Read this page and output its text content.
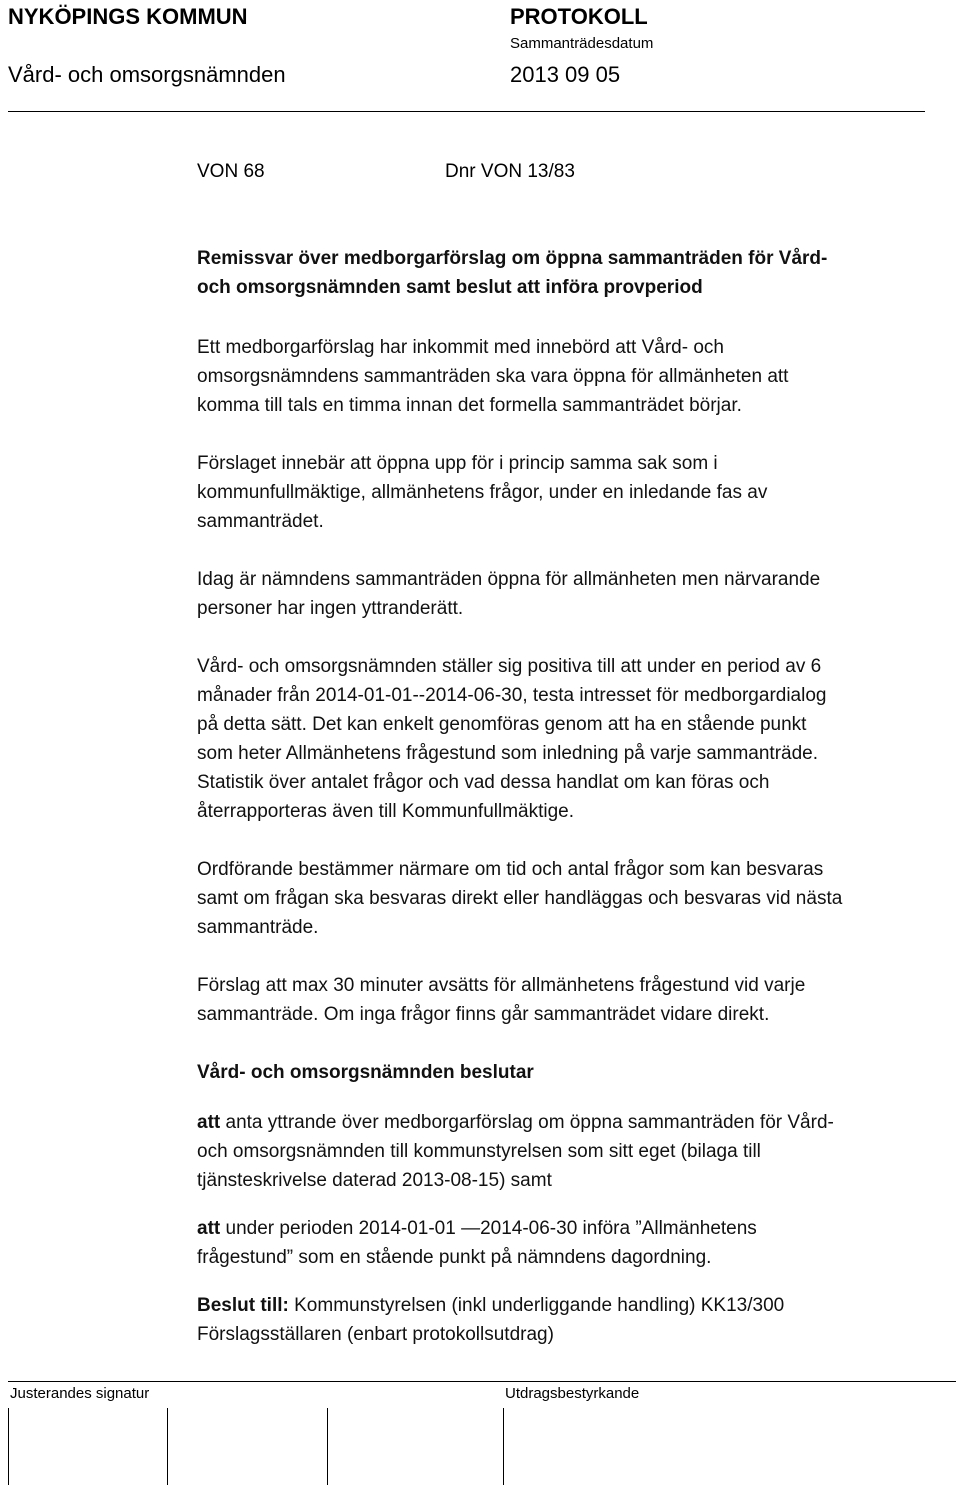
NYKÖPINGS KOMMUN	PROTOKOLL
Sammanträdesdatum
Vård- och omsorgsnämnden	2013 09 05
VON 68	Dnr VON 13/83

Remissvar över medborgarförslag om öppna sammanträden för Vård-

och omsorgsnämnden samt beslut att införa provperiod

Ett medborgarförslag har inkommit med innebörd att Vård- och

omsorgsnämndens sammanträden ska vara öppna för allmänheten att

komma till tals en timma innan det formella sammanträdet börjar.

Förslaget innebär att öppna upp för i princip samma sak som i

kommunfullmäktige, allmänhetens frågor, under en inledande fas av

sammanträdet.

Idag är nämndens sammanträden öppna för allmänheten men närvarande

personer har ingen yttranderätt.

Vård- och omsorgsnämnden ställer sig positiva till att under en period av 6

månader från 2014-01-01--2014-06-30, testa intresset för medborgardialog

på detta sätt. Det kan enkelt genomföras genom att ha en stående punkt

som heter Allmänhetens frågestund som inledning på varje sammanträde.

Statistik över antalet frågor och vad dessa handlat om kan föras och

återrapporteras även till Kommunfullmäktige.

Ordförande bestämmer närmare om tid och antal frågor som kan besvaras

samt om frågan ska besvaras direkt eller handläggas och besvaras vid nästa

sammanträde.

Förslag att max 30 minuter avsätts för allmänhetens frågestund vid varje

sammanträde. Om inga frågor finns går sammanträdet vidare direkt.

Vård- och omsorgsnämnden beslutar

att anta yttrande över medborgarförslag om öppna sammanträden för Vård-

och omsorgsnämnden till kommunstyrelsen som sitt eget (bilaga till

tjänsteskrivelse daterad 2013-08-15) samt

att under perioden 2014-01-01 —2014-06-30 införa ”Allmänhetens

frågestund” som en stående punkt på nämndens dagordning.

Beslut till: Kommunstyrelsen (inkl underliggande handling) KK13/300

Förslagsställaren (enbart protokollsutdrag)

Justerandes signatur	Utdragsbestyrkande
